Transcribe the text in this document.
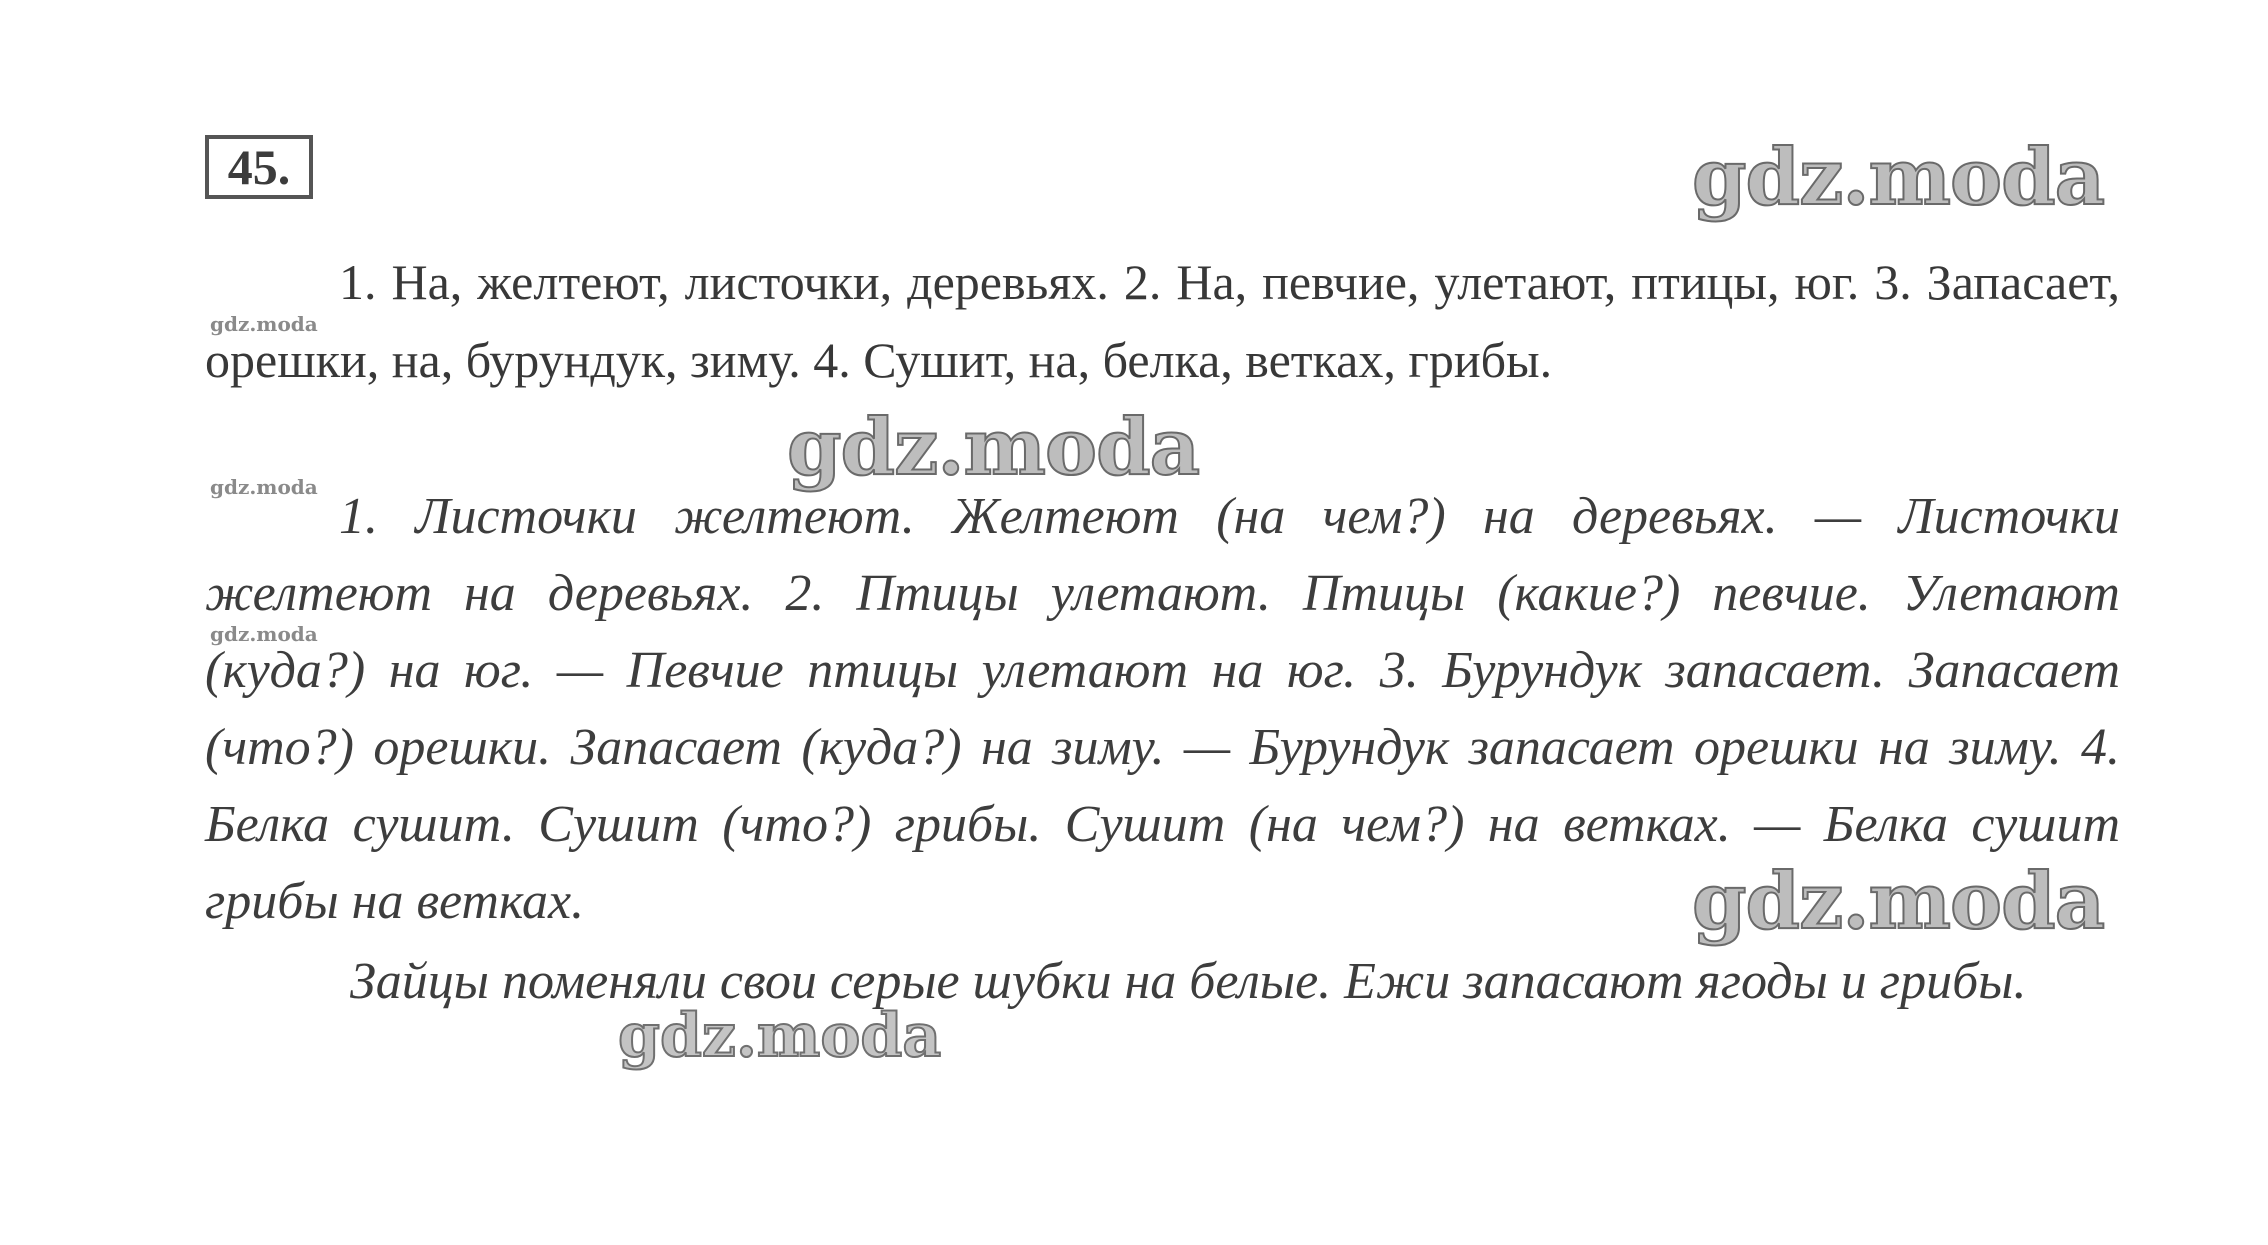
45.

1. На, желтеют, листочки, деревьях. 2. На, певчие, улетают, птицы, юг. 3. Запасает, орешки, на, бурундук, зиму. 4. Сушит, на, белка, ветках, грибы.

1. Листочки желтеют. Желтеют (на чем?) на деревьях. — Листочки желтеют на деревьях. 2. Птицы улетают. Птицы (какие?) певчие. Улетают (куда?) на юг. — Певчие птицы улетают на юг. 3. Бурундук запасает. Запасает (что?) орешки. Запасает (куда?) на зиму. — Бурундук запасает орешки на зиму. 4. Белка сушит. Сушит (что?) грибы. Сушит (на чем?) на ветках. — Белка сушит грибы на ветках.

Зайцы поменяли свои серые шубки на белые. Ежи запасают ягоды и грибы.

gdz.moda
gdz.moda
gdz.moda
gdz.moda
gdz.moda
gdz.moda
gdz.moda
